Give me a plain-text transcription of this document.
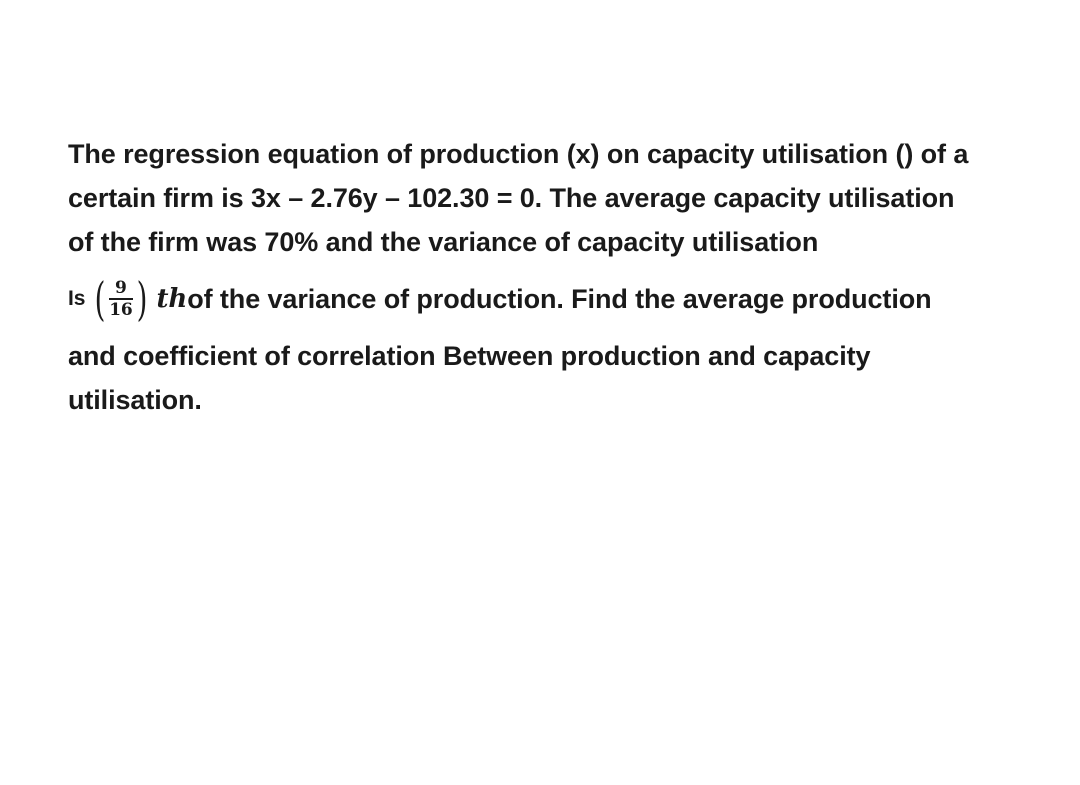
The regression equation of production (x) on capacity utilisation () of a
certain firm is 3x – 2.76y – 102.30 = 0. The average capacity utilisation
of the firm was 70% and the variance of capacity utilisation
Is ( $\frac{9}{16}$ ) th of the variance of production. Find the average production
and coefficient of correlation Between production and capacity
utilisation.
